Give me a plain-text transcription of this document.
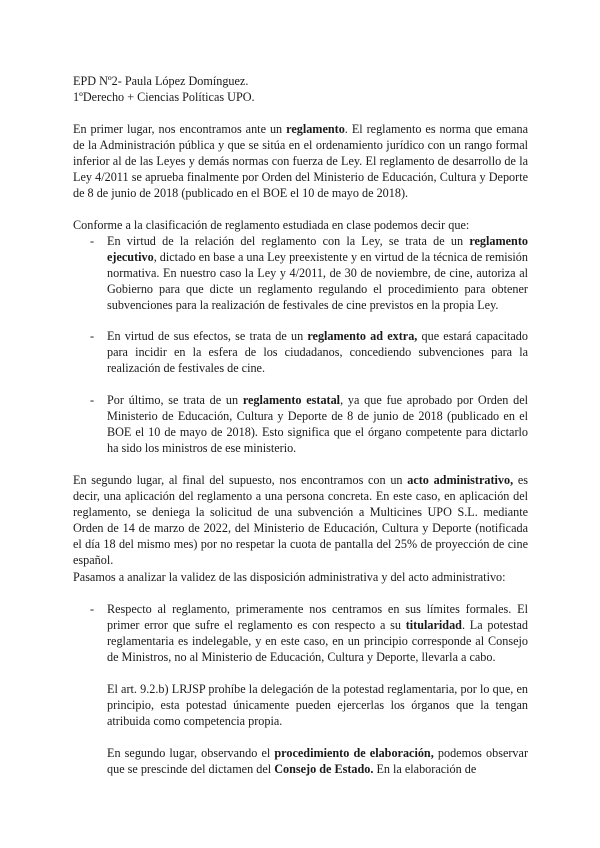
EPD Nº2- Paula López Domínguez.
1ºDerecho + Ciencias Políticas UPO.

En primer lugar, nos encontramos ante un reglamento. El reglamento es norma que emana de la Administración pública y que se sitúa en el ordenamiento jurídico con un rango formal inferior al de las Leyes y demás normas con fuerza de Ley. El reglamento de desarrollo de la Ley 4/2011 se aprueba finalmente por Orden del Ministerio de Educación, Cultura y Deporte de 8 de junio de 2018 (publicado en el BOE el 10 de mayo de 2018).

Conforme a la clasificación de reglamento estudiada en clase podemos decir que:

-	En virtud de la relación del reglamento con la Ley, se trata de un reglamento ejecutivo, dictado en base a una Ley preexistente y en virtud de la técnica de remisión normativa. En nuestro caso la Ley y 4/2011, de 30 de noviembre, de cine, autoriza al Gobierno para que dicte un reglamento regulando el procedimiento para obtener subvenciones para la realización de festivales de cine previstos en la propia Ley.

-	En virtud de sus efectos, se trata de un reglamento ad extra, que estará capacitado para incidir en la esfera de los ciudadanos, concediendo subvenciones para la realización de festivales de cine.

-	Por último, se trata de un reglamento estatal, ya que fue aprobado por Orden del Ministerio de Educación, Cultura y Deporte de 8 de junio de 2018 (publicado en el BOE el 10 de mayo de 2018). Esto significa que el órgano competente para dictarlo ha sido los ministros de ese ministerio.

En segundo lugar, al final del supuesto, nos encontramos con un acto administrativo, es decir, una aplicación del reglamento a una persona concreta. En este caso, en aplicación del reglamento, se deniega la solicitud de una subvención a Multicines UPO S.L. mediante Orden de 14 de marzo de 2022, del Ministerio de Educación, Cultura y Deporte (notificada el día 18 del mismo mes) por no respetar la cuota de pantalla del 25% de proyección de cine español.

Pasamos a analizar la validez de las disposición administrativa y del acto administrativo:

-	Respecto al reglamento, primeramente nos centramos en sus límites formales. El primer error que sufre el reglamento es con respecto a su titularidad. La potestad reglamentaria es indelegable, y en este caso, en un principio corresponde al Consejo de Ministros, no al Ministerio de Educación, Cultura y Deporte, llevarla a cabo.

El art. 9.2.b) LRJSP prohíbe la delegación de la potestad reglamentaria, por lo que, en principio, esta potestad únicamente pueden ejercerlas los órganos que la tengan atribuida como competencia propia.

En segundo lugar, observando el procedimiento de elaboración, podemos observar que se prescinde del dictamen del Consejo de Estado. En la elaboración de
